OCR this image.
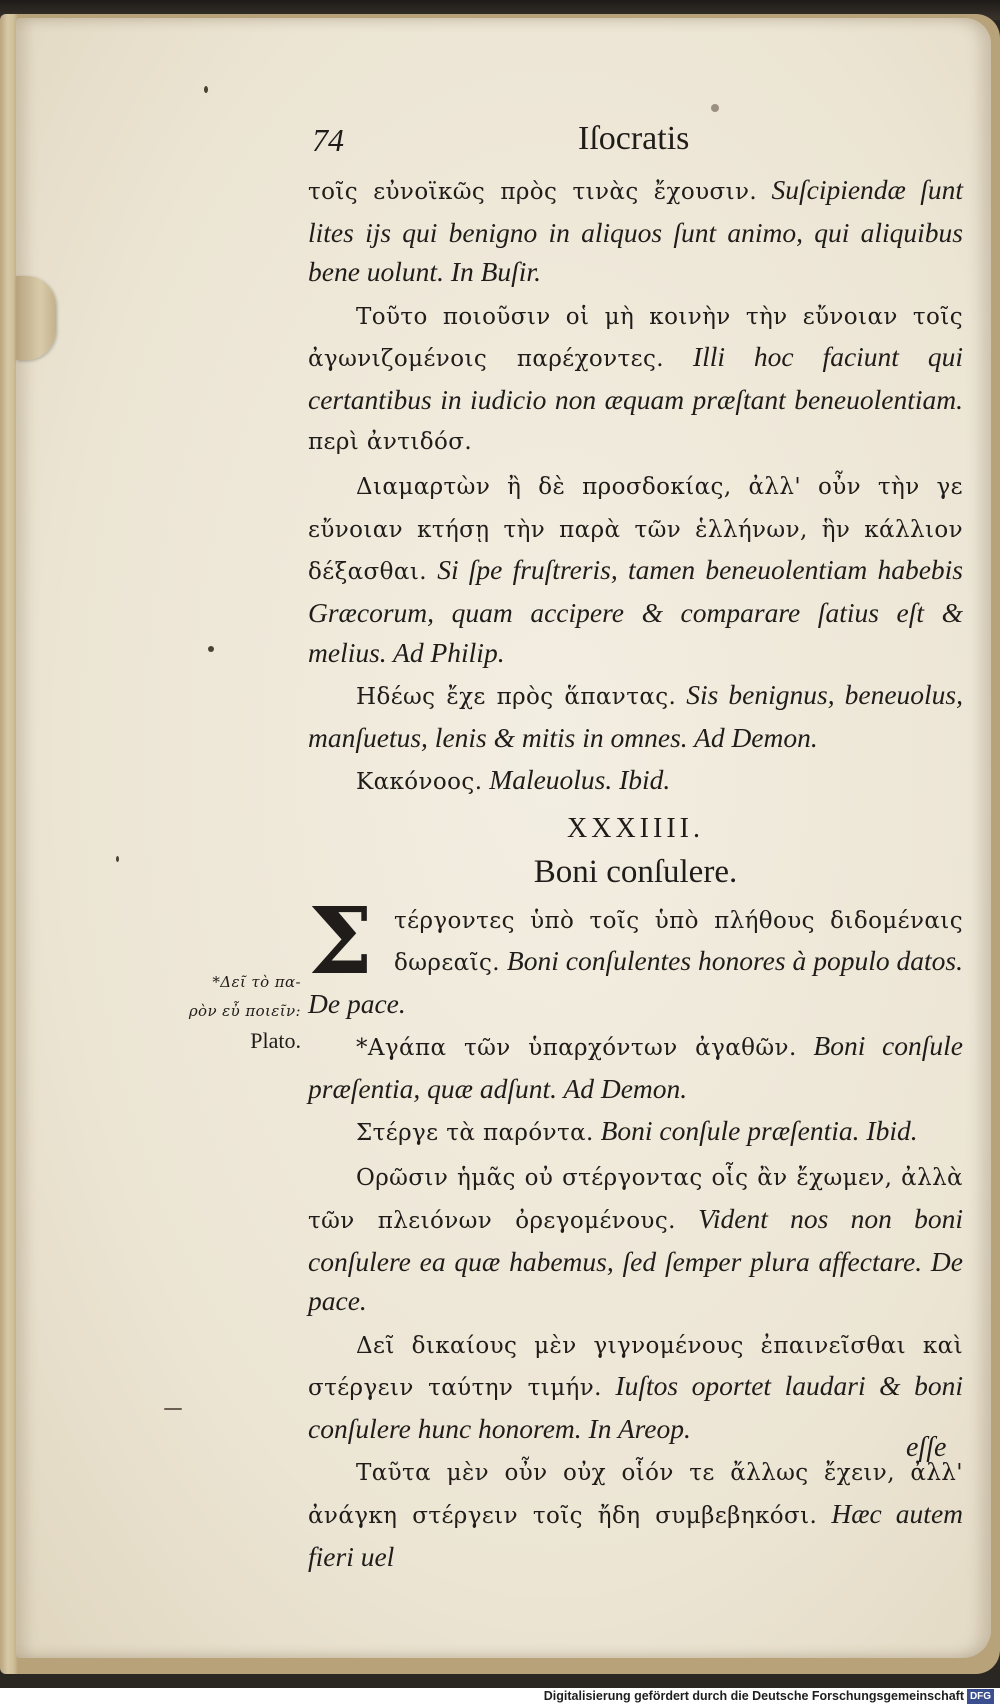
74	Iſocratis

τοῖς εὐνοϊκῶς πρὸς τινὰς ἔχουσιν. Suſcipiendæ ſunt lites ijs qui benigno in aliquos ſunt animo, qui aliquibus bene uolunt. In Buſir.

Τοῦτο ποιοῦσιν οἱ μὴ κοινὴν τὴν εὔνοιαν τοῖς ἀγωνιζομένοις παρέχοντες. Illi hoc faciunt qui certantibus in iudicio non æquam præſtant beneuolentiam. περὶ ἀντιδόσ.

Διαμαρτὼν ἢ δὲ προσδοκίας, ἀλλ' οὖν τὴν γε εὔνοιαν κτήσῃ τὴν παρὰ τῶν ἑλλήνων, ἣν κάλλιον δέξασθαι. Si ſpe fruſtreris, tamen beneuolentiam habebis Græcorum, quam accipere & comparare ſatius eſt & melius. Ad Philip.

Ηδέως ἔχε πρὸς ἅπαντας. Sis benignus, beneuolus, manſuetus, lenis & mitis in omnes. Ad Demon.

Κακόνοος. Maleuolus. Ibid.

XXXIIII.
Boni conſulere.

Σ τέργοντες ὑπὸ τοῖς ὑπὸ πλήθους διδομέναις δωρεαῖς. Boni conſulentes honores à populo datos. De pace.

*Αγάπα τῶν ὑπαρχόντων ἀγαθῶν. Boni conſule præſentia, quæ adſunt. Ad Demon.

Στέργε τὰ παρόντα. Boni conſule præſentia. Ibid.

Ορῶσιν ἡμᾶς οὐ στέργοντας οἷς ἂν ἔχωμεν, ἀλλὰ τῶν πλειόνων ὀρεγομένους. Vident nos non boni conſulere ea quæ habemus, ſed ſemper plura affectare. De pace.

Δεῖ δικαίους μὲν γιγνομένους ἐπαινεῖσθαι καὶ στέργειν ταύτην τιμήν. Iuſtos oportet laudari & boni conſulere hunc honorem. In Areop.

Ταῦτα μὲν οὖν οὐχ οἷόν τε ἄλλως ἔχειν, ἀλλ' ἀνάγκη στέργειν τοῖς ἤδη συμβεβηκόσι. Hæc autem fieri uel

*Δεῖ τὸ πα-
ρὸν εὖ ποιεῖν:
Plato.
eſſe
Digitalisierung gefördert durch die Deutsche Forschungsgemeinschaft DFG
